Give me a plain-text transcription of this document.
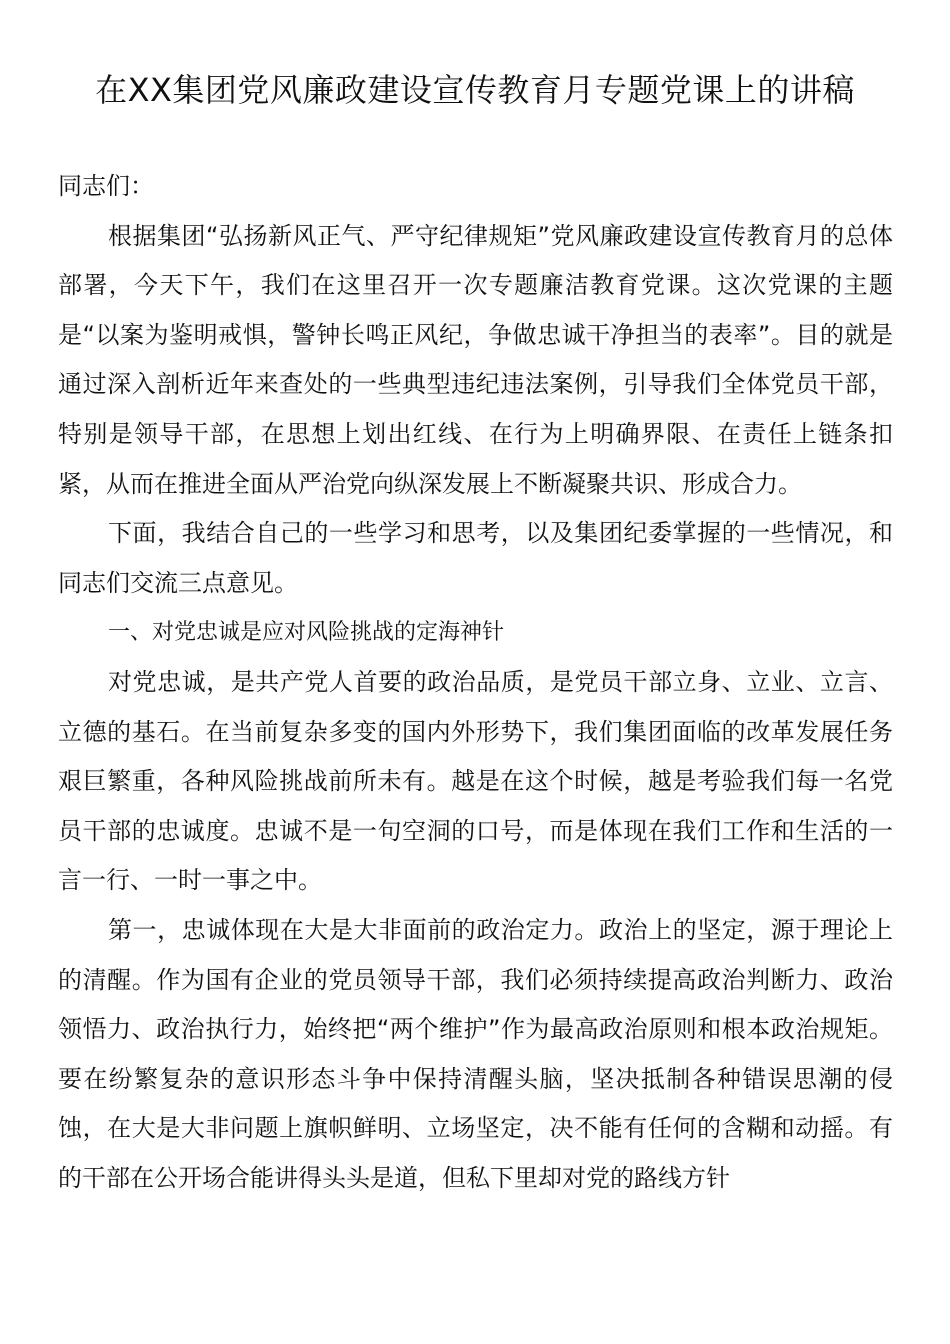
在XX集团党风廉政建设宣传教育月专题党课上的讲稿

同志们：

根据集团“弘扬新风正气、严守纪律规矩”党风廉政建设宣传教育月的总体部署，今天下午，我们在这里召开一次专题廉洁教育党课。这次党课的主题是“以案为鉴明戒惧，警钟长鸣正风纪，争做忠诚干净担当的表率”。目的就是通过深入剖析近年来查处的一些典型违纪违法案例，引导我们全体党员干部，特别是领导干部，在思想上划出红线、在行为上明确界限、在责任上链条扣紧，从而在推进全面从严治党向纵深发展上不断凝聚共识、形成合力。

下面，我结合自己的一些学习和思考，以及集团纪委掌握的一些情况，和同志们交流三点意见。

一、对党忠诚是应对风险挑战的定海神针

对党忠诚，是共产党人首要的政治品质，是党员干部立身、立业、立言、立德的基石。在当前复杂多变的国内外形势下，我们集团面临的改革发展任务艰巨繁重，各种风险挑战前所未有。越是在这个时候，越是考验我们每一名党员干部的忠诚度。忠诚不是一句空洞的口号，而是体现在我们工作和生活的一言一行、一时一事之中。

第一，忠诚体现在大是大非面前的政治定力。政治上的坚定，源于理论上的清醒。作为国有企业的党员领导干部，我们必须持续提高政治判断力、政治领悟力、政治执行力，始终把“两个维护”作为最高政治原则和根本政治规矩。要在纷繁复杂的意识形态斗争中保持清醒头脑，坚决抵制各种错误思潮的侵蚀，在大是大非问题上旗帜鲜明、立场坚定，决不能有任何的含糊和动摇。有的干部在公开场合能讲得头头是道，但私下里却对党的路线方针
